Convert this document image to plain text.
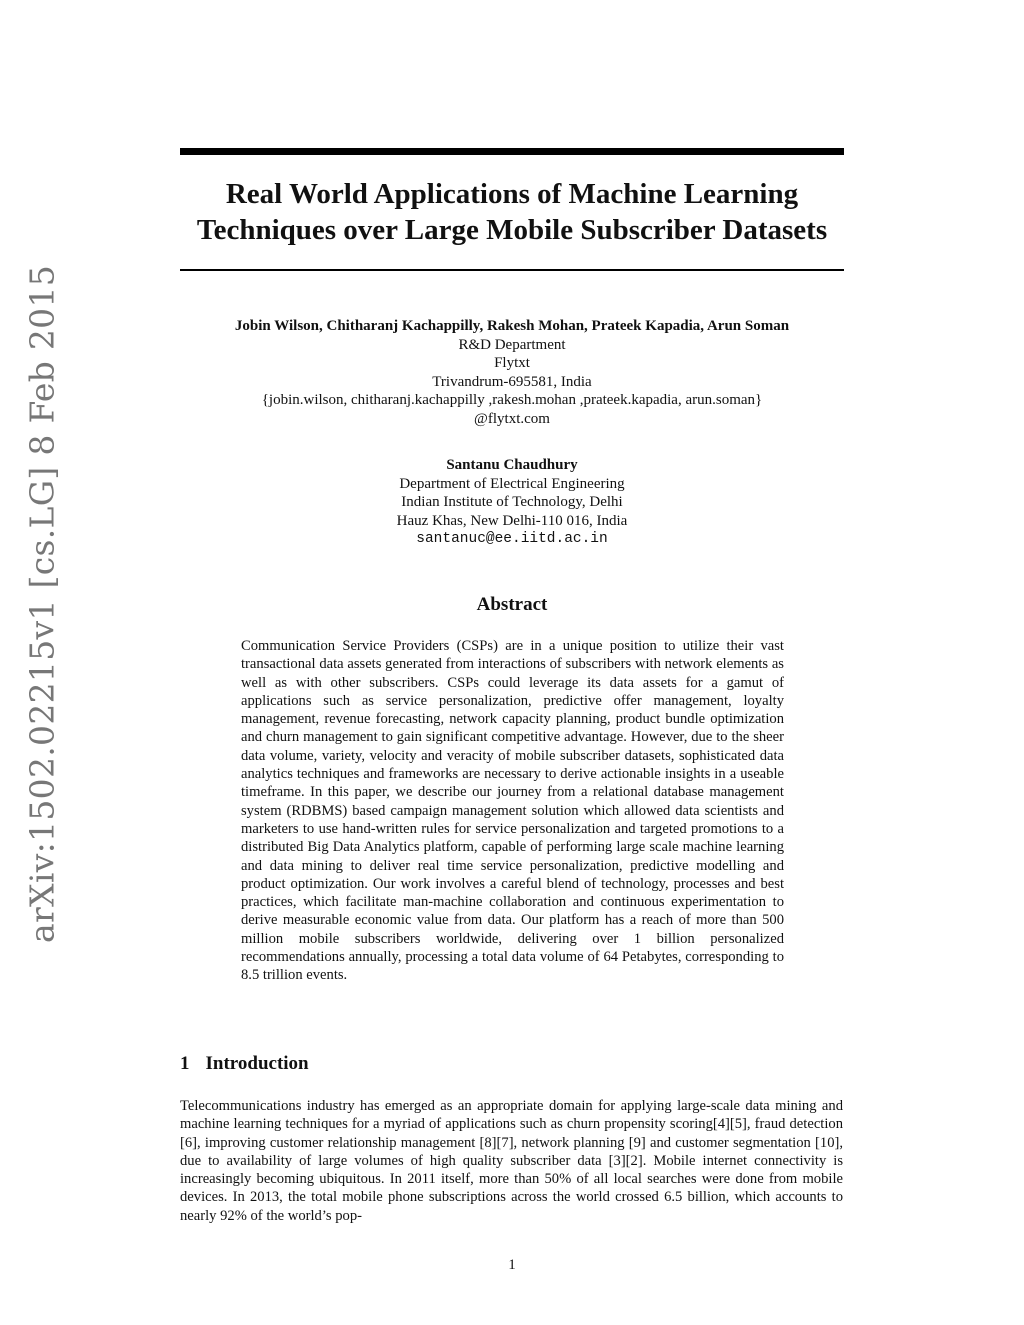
arXiv:1502.02215v1 [cs.LG] 8 Feb 2015
Real World Applications of Machine Learning
Techniques over Large Mobile Subscriber Datasets
Jobin Wilson, Chitharanj Kachappilly, Rakesh Mohan, Prateek Kapadia, Arun Soman
R&D Department
Flytxt
Trivandrum-695581, India
{jobin.wilson, chitharanj.kachappilly ,rakesh.mohan ,prateek.kapadia, arun.soman}
@flytxt.com
Santanu Chaudhury
Department of Electrical Engineering
Indian Institute of Technology, Delhi
Hauz Khas, New Delhi-110 016, India
santanuc@ee.iitd.ac.in
Abstract

Communication Service Providers (CSPs) are in a unique position to utilize their vast transactional data assets generated from interactions of subscribers with network elements as well as with other subscribers. CSPs could leverage its data assets for a gamut of applications such as service personalization, predictive offer management, loyalty management, revenue forecasting, network capacity planning, product bundle optimization and churn management to gain significant competitive advantage. However, due to the sheer data volume, variety, velocity and veracity of mobile subscriber datasets, sophisticated data analytics techniques and frameworks are necessary to derive actionable insights in a useable timeframe. In this paper, we describe our journey from a relational database management system (RDBMS) based campaign management solution which allowed data scientists and marketers to use hand-written rules for service personalization and targeted promotions to a distributed Big Data Analytics platform, capable of performing large scale machine learning and data mining to deliver real time service personalization, predictive modelling and product optimization. Our work involves a careful blend of technology, processes and best practices, which facilitate man-machine collaboration and continuous experimentation to derive measurable economic value from data. Our platform has a reach of more than 500 million mobile subscribers worldwide, delivering over 1 billion personalized recommendations annually, processing a total data volume of 64 Petabytes, corresponding to 8.5 trillion events.

1 Introduction

Telecommunications industry has emerged as an appropriate domain for applying large-scale data mining and machine learning techniques for a myriad of applications such as churn propensity scoring[4][5], fraud detection [6], improving customer relationship management [8][7], network planning [9] and customer segmentation [10], due to availability of large volumes of high quality subscriber data [3][2]. Mobile internet connectivity is increasingly becoming ubiquitous. In 2011 itself, more than 50% of all local searches were done from mobile devices. In 2013, the total mobile phone subscriptions across the world crossed 6.5 billion, which accounts to nearly 92% of the world’s pop-

1
